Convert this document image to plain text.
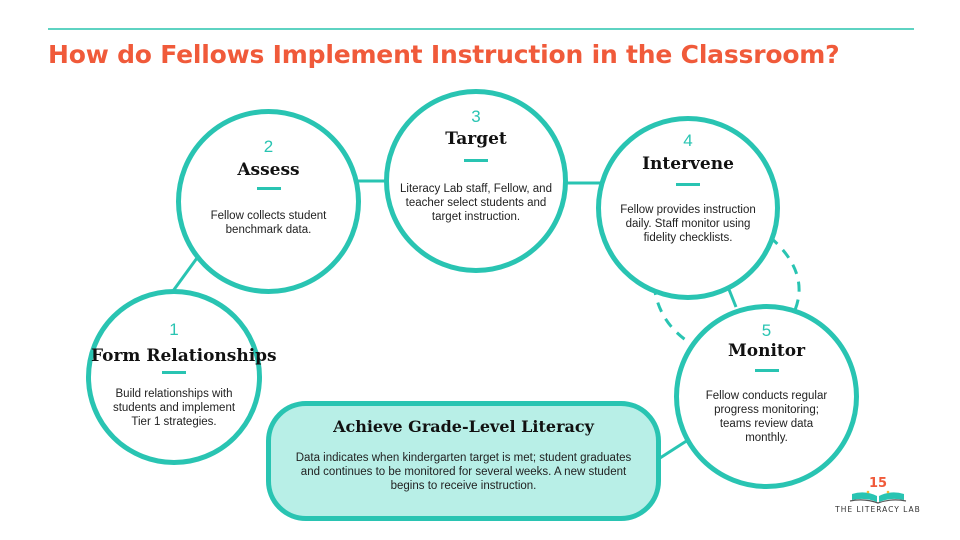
How do Fellows Implement Instruction in the Classroom?
1
Form Relationships
Build relationships with students and implement Tier 1 strategies.
2
Assess
Fellow collects student benchmark data.
3
Target
Literacy Lab staff, Fellow, and teacher select students and target instruction.
4
Intervene
Fellow provides instruction daily. Staff monitor using fidelity checklists.
5
Monitor
Fellow conducts regular progress monitoring; teams review data monthly.
Achieve Grade-Level Literacy
Data indicates when kindergarten target is met; student graduates and continues to be monitored for several weeks. A new student begins to receive instruction.	15
THE LITERACY LAB
